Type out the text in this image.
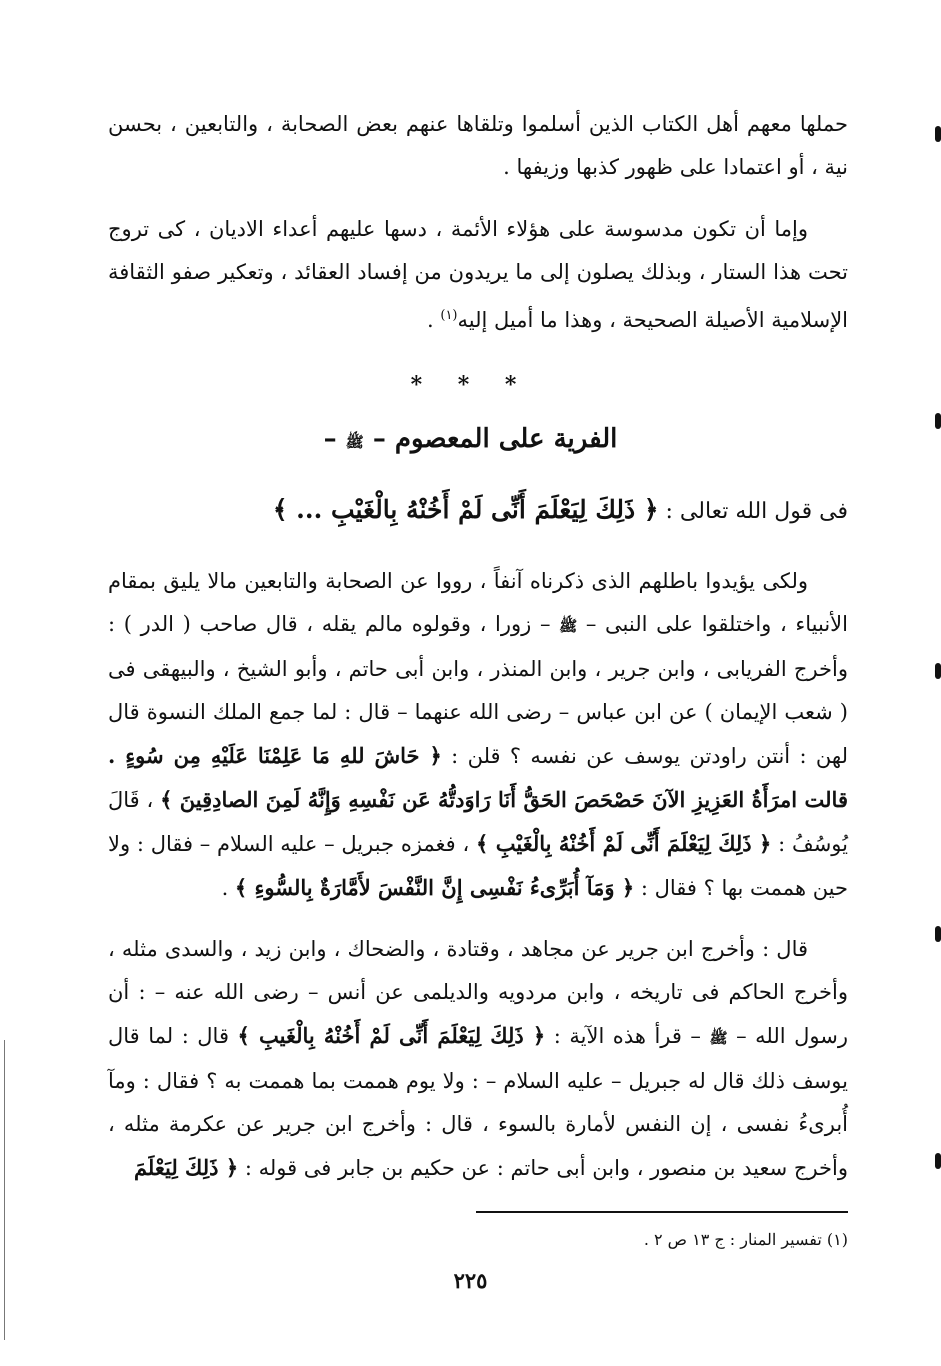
حملها معهم أهل الكتاب الذين أسلموا وتلقاها عنهم بعض الصحابة ، والتابعين ، بحسن نية ، أو اعتمادا على ظهور كذبها وزيفها .

وإما أن تكون مدسوسة على هؤلاء الأئمة ، دسها عليهم أعداء الاديان ، كى تروج تحت هذا الستار ، وبذلك يصلون إلى ما يريدون من إفساد العقائد ، وتعكير صفو الثقافة الإسلامية الأصيلة الصحيحة ، وهذا ما أميل إليه$^{(١)}$ .

* * *
الفرية على المعصوم – ﷺ –
فى قول الله تعالى : ﴿ ذَلِكَ لِيَعْلَمَ أَنِّى لَمْ أَخُنْهُ بِالْغَيْبِ ... ﴾

ولكى يؤيدوا باطلهم الذى ذكرناه آنفاً ، رووا عن الصحابة والتابعين مالا يليق بمقام الأنبياء ، واختلقوا على النبى – ﷺ – زورا ، وقولوه مالم يقله ، قال صاحب ( الدر ) : وأخرج الفريابى ، وابن جرير ، وابن المنذر ، وابن أبى حاتم ، وأبو الشيخ ، والبيهقى فى ( شعب الإيمان ) عن ابن عباس – رضى الله عنهما – قال : لما جمع الملك النسوة قال لهن : أنتن راودتن يوسف عن نفسه ؟ قلن : ﴿ حَاشَ للهِ مَا عَلِمْنَا عَلَيْهِ مِن سُوءٍ . قالت امرَأَةُ العَزِيزِ الآنَ حَصْحَصَ الحَقُّ أَنَا رَاوَدتُّهُ عَن نَفْسِهِ وَإِنَّهُ لَمِنَ الصادِقِينَ ﴾ ، قَالَ يُوسُفُ : ﴿ ذَلِكَ لِيَعْلَمَ أَنِّى لَمْ أَخُنْهُ بِالْغَيْبِ ﴾ ، فغمزه جبريل – عليه السلام – فقال : ولا حين هممت بها ؟ فقال : ﴿ وَمَآ أُبَرِّىءُ نَفْسِى إِنَّ النَّفْسَ لأَمَّارَةٌ بِالسُّوءِ ﴾ .

قال : وأخرج ابن جرير عن مجاهد ، وقتادة ، والضحاك ، وابن زيد ، والسدى مثله ، وأخرج الحاكم فى تاريخه ، وابن مردويه والديلمى عن أنس – رضى الله عنه – : أن رسول الله – ﷺ – قرأ هذه الآية : ﴿ ذَلِكَ لِيَعْلَمَ أَنِّى لَمْ أَخُنْهُ بِالْغَيبِ ﴾ قال : لما قال يوسف ذلك قال له جبريل – عليه السلام – : ولا يوم هممت بما هممت به ؟ فقال : ومآ أُبرىءُ نفسى ، إن النفس لأمارة بالسوء ، قال : وأخرج ابن جرير عن عكرمة مثله ، وأخرج سعيد بن منصور ، وابن أبى حاتم : عن حكيم بن جابر فى قوله : ﴿ ذَلِكَ لِيَعْلَمَ

(١) تفسير المنار : ج ١٣ ص ٢ .
٢٢٥
